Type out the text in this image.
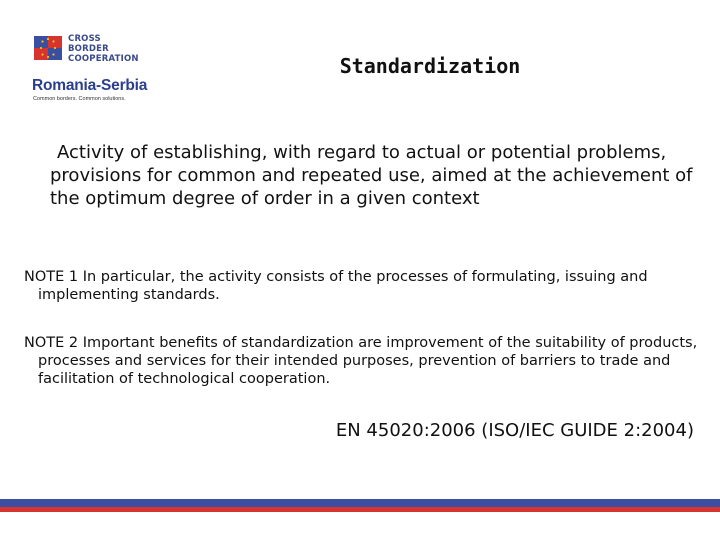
CROSS
BORDER
COOPERATION
Romania-Serbia
Common borders. Common solutions.
Standardization
Activity of establishing, with regard to actual or potential problems, provisions for common and repeated use, aimed at the achievement of the optimum degree of order in a given context
NOTE 1 In particular, the activity consists of the processes of formulating, issuing and implementing standards.
NOTE 2 Important benefits of standardization are improvement of the suitability of products, processes and services for their intended purposes, prevention of barriers to trade and facilitation of technological cooperation.
EN 45020:2006 (ISO/IEC GUIDE 2:2004)
